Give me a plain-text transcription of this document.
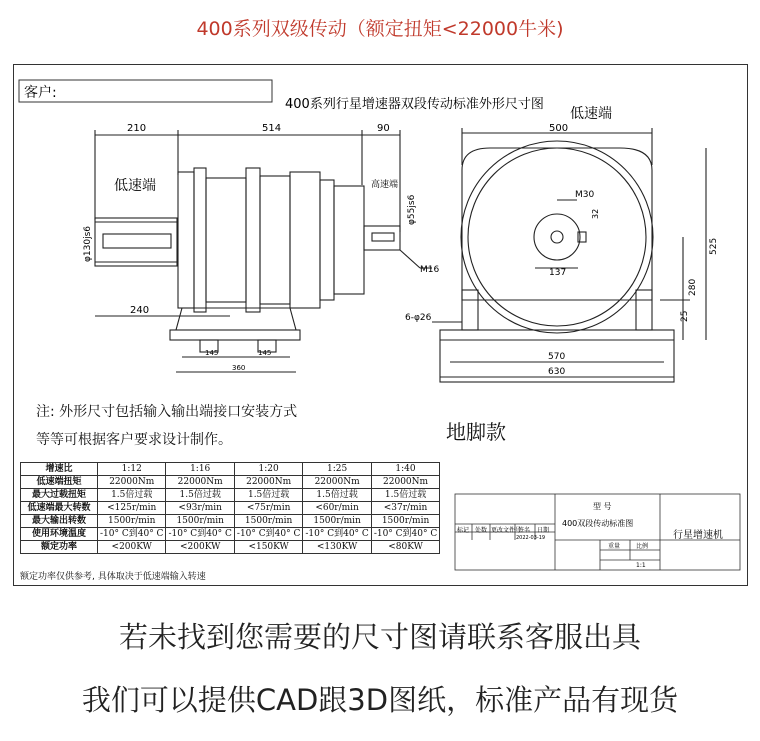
400系列双级传动（额定扭矩<22000牛米)
客户:
400系列行星增速器双段传动标准外形尺寸图
210	514	90
低速端	高速端
φ130js6
φ55js6
M16
240
145	145
360
500
低速端
M30
32
137
525
280
25
6-φ26
570
630
型 号
400双段传动标准图
行星增速机
标记 处数 更改文件号
签名 日期
2022-03-19
重量	比例
1:1
注: 外形尺寸包括输入输出端接口安装方式
等等可根据客户要求设计制作。	地脚款
增速比	1:12	1:16	1:20	1:25	1:40
低速端扭矩	22000Nm	22000Nm	22000Nm	22000Nm	22000Nm
最大过载扭矩	1.5倍过载	1.5倍过载	1.5倍过载	1.5倍过载	1.5倍过载
低速端最大转数	<125r/min	<93r/min	<75r/min	<60r/min	<37r/min
最大输出转数	1500r/min	1500r/min	1500r/min	1500r/min	1500r/min
使用环境温度	-10° C到40° C	-10° C到40° C	-10° C到40° C	-10° C到40° C	-10° C到40° C
额定功率	<200KW	<200KW	<150KW	<130KW	<80KW
额定功率仅供参考, 具体取决于低速端输入转速
若未找到您需要的尺寸图请联系客服出具
我们可以提供CAD跟3D图纸，标准产品有现货
